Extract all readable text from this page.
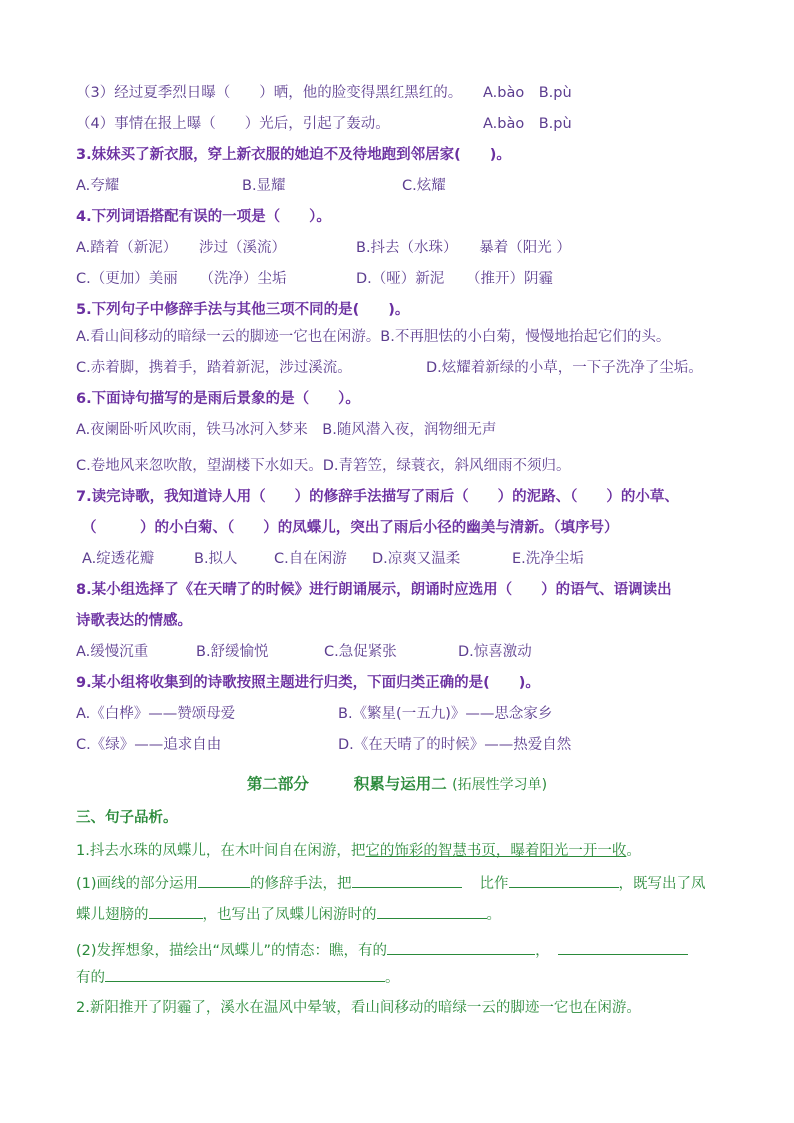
（3）经过夏季烈日曝（　　）晒，他的脸变得黑红黑红的。 A.bào　B.pù
（4）事情在报上曝（　　）光后，引起了轰动。	A.bào　B.pù
3.妹妹买了新衣服，穿上新衣服的她迫不及待地跑到邻居家(　　)。
A.夸耀	B.显耀	C.炫耀
4.下列词语搭配有误的一项是（　　）。
A.踏着（新泥）　　涉过（溪流）	B.抖去（水珠）　　暴着（阳光 ）
C.（更加）美丽　　（洗净）尘垢	D.（哑）新泥　　（推开）阴霾
5.下列句子中修辞手法与其他三项不同的是(　　)。
A.看山间移动的暗绿一云的脚迹一它也在闲游。B.不再胆怯的小白菊，慢慢地抬起它们的头。
C.赤着脚，携着手，踏着新泥，涉过溪流。	D.炫耀着新绿的小草，一下子洗净了尘垢。
6.下面诗句描写的是雨后景象的是（　　）。
A.夜阑卧听风吹雨，铁马冰河入梦来　B.随风潜入夜，润物细无声
C.卷地风来忽吹散，望湖楼下水如天。D.青箬笠，绿蓑衣，斜风细雨不须归。
7.读完诗歌，我知道诗人用（　　）的修辞手法描写了雨后（　　）的泥路、（　　）的小草、
（　　　）的小白菊、（　　）的凤蝶儿，突出了雨后小径的幽美与清新。（填序号）
A.绽透花瓣	B.拟人	C.自在闲游 D.凉爽又温柔	E.洗净尘垢
8.某小组选择了《在天晴了的时候》进行朗诵展示，朗诵时应选用（　　）的语气、语调读出
诗歌表达的情感。
A.缓慢沉重	B.舒缓愉悦	C.急促紧张	D.惊喜激动
9.某小组将收集到的诗歌按照主题进行归类，下面归类正确的是(　　)。
A.《白桦》——赞颂母爱	B.《繁星(一五九)》——思念家乡
C.《绿》——追求自由	D.《在天晴了的时候》——热爱自然
第二部分	积累与运用二 (拓展性学习单)
三、句子品析。
1.抖去水珠的凤蝶儿，在木叶间自在闲游，把它的饰彩的智慧书页，曝着阳光一开一收。
(1)画线的部分运用	的修辞手法，把	比作	，既写出了凤
蝶儿翅膀的	，也写出了凤蝶儿闲游时的	。
(2)发挥想象，描绘出“凤蝶儿”的情态：瞧，有的	，
有的	。
2.新阳推开了阴霾了，溪水在温风中晕皱，看山间移动的暗绿一云的脚迹一它也在闲游。
